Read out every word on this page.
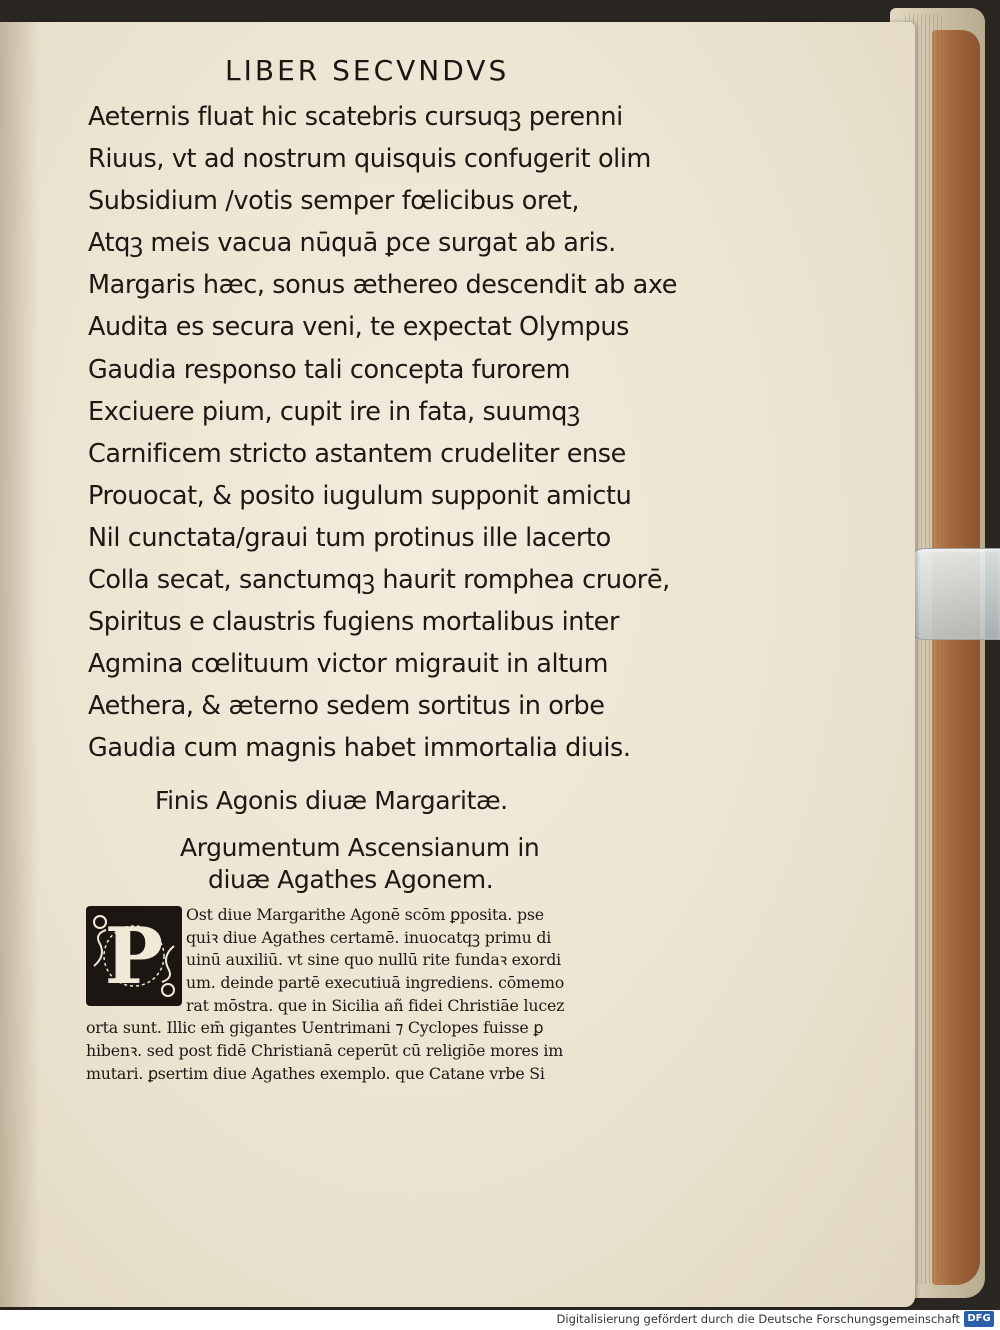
LIBER SECVNDVS
Aeternis fluat hic scatebris cursuqꝫ perenni
Riuus, vt ad nostrum quisquis confugerit olim
Subsidium /votis semper fœlicibus oret,
Atqꝫ meis vacua nūquā ꝑce surgat ab aris.
Margaris hæc, sonus æthereo descendit ab axe
Audita es secura veni, te expectat Olympus
Gaudia responso tali concepta furorem
Exciuere pium, cupit ire in fata, suumqꝫ
Carnificem stricto astantem crudeliter ense
Prouocat, & posito iugulum supponit amictu
Nil cunctata/graui tum protinus ille lacerto
Colla secat, sanctumqꝫ haurit romphea cruorē,
Spiritus e claustris fugiens mortalibus inter
Agmina cœlituum victor migrauit in altum
Aethera, & æterno sedem sortitus in orbe
Gaudia cum magnis habet immortalia diuis.
Finis Agonis diuæ Margaritæ.
Argumentum Ascensianum in
diuæ Agathes Agonem.
P	Ost diue Margarithe Agonē scōm ꝑposita. pse
quiꝛ diue Agathes certamē. inuocatqꝫ primu di
uinū auxiliū. vt sine quo nullū rite fundaꝛ exordi
um. deinde partē executiuā ingrediens. cōmemo
rat mōstra. que in Sicilia añ fidei Christiāe lucez
orta sunt. Illic em̄ gigantes Uentrimani ⁊ Cyclopes fuisse ꝑ
hibenꝛ. sed post fidē Christianā ceperūt cū religiōe mores im
mutari. ꝑsertim diue Agathes exemplo. que Catane vrbe Si
Digitalisierung gefördert durch die Deutsche Forschungsgemeinschaft DFG
